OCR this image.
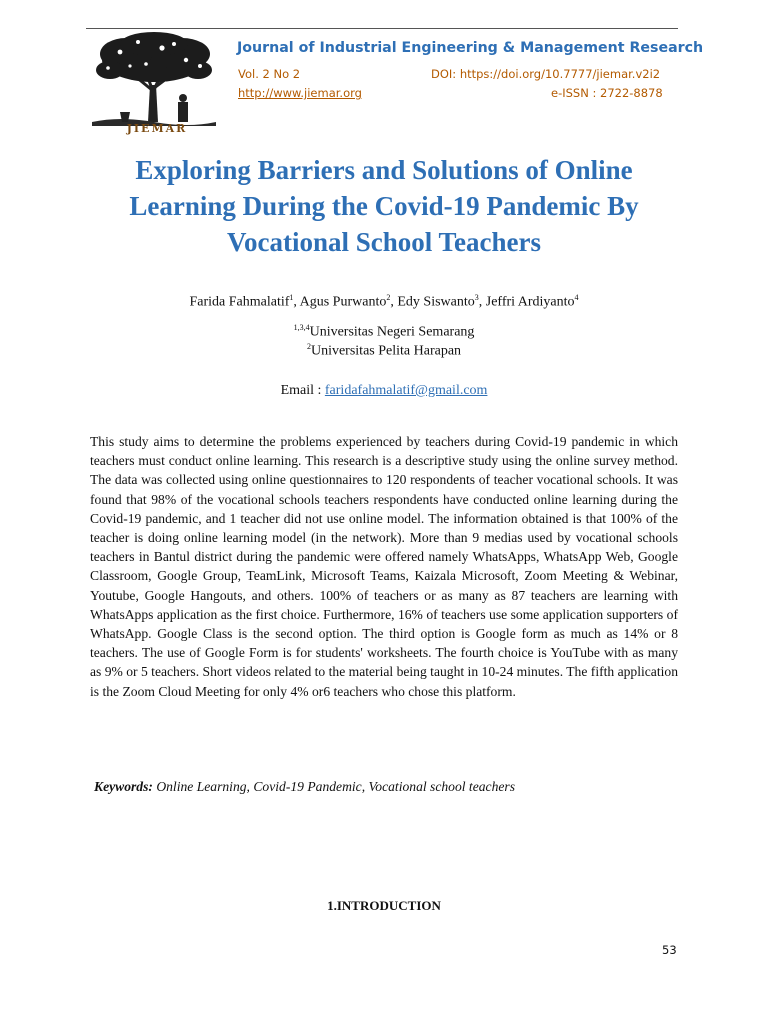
JIEMAR
Journal of Industrial Engineering & Management Research
Vol. 2 No 2	DOI: https://doi.org/10.7777/jiemar.v2i2
http://www.jiemar.org	e-ISSN : 2722-8878
Exploring Barriers and Solutions of Online
Learning During the Covid-19 Pandemic By
Vocational School Teachers
Farida Fahmalatif$^1$, Agus Purwanto$^2$, Edy Siswanto$^3$, Jeffri Ardiyanto$^4$
$^{1,3,4}$Universitas Negeri Semarang
$^2$Universitas Pelita Harapan
Email : faridafahmalatif@gmail.com
This study aims to determine the problems experienced by teachers during Covid-19 pandemic in which teachers must conduct online learning. This research is a descriptive study using the online survey method. The data was collected using online questionnaires to 120 respondents of teacher vocational schools. It was found that 98% of the vocational schools teachers respondents have conducted online learning during the Covid-19 pandemic, and 1 teacher did not use online model. The information obtained is that 100% of the teacher is doing online learning model (in the network). More than 9 medias used by vocational schools teachers in Bantul district during the pandemic were offered namely WhatsApps, WhatsApp Web, Google Classroom, Google Group, TeamLink, Microsoft Teams, Kaizala Microsoft, Zoom Meeting & Webinar, Youtube, Google Hangouts, and others. 100% of teachers or as many as 87 teachers are learning with WhatsApps application as the first choice. Furthermore, 16% of teachers use some application supporters of WhatsApp. Google Class is the second option. The third option is Google form as much as 14% or 8 teachers. The use of Google Form is for students' worksheets. The fourth choice is YouTube with as many as 9% or 5 teachers. Short videos related to the material being taught in 10-24 minutes. The fifth application is the Zoom Cloud Meeting for only 4% or6 teachers who chose this platform.
Keywords: Online Learning, Covid-19 Pandemic, Vocational school teachers
1.INTRODUCTION
53
